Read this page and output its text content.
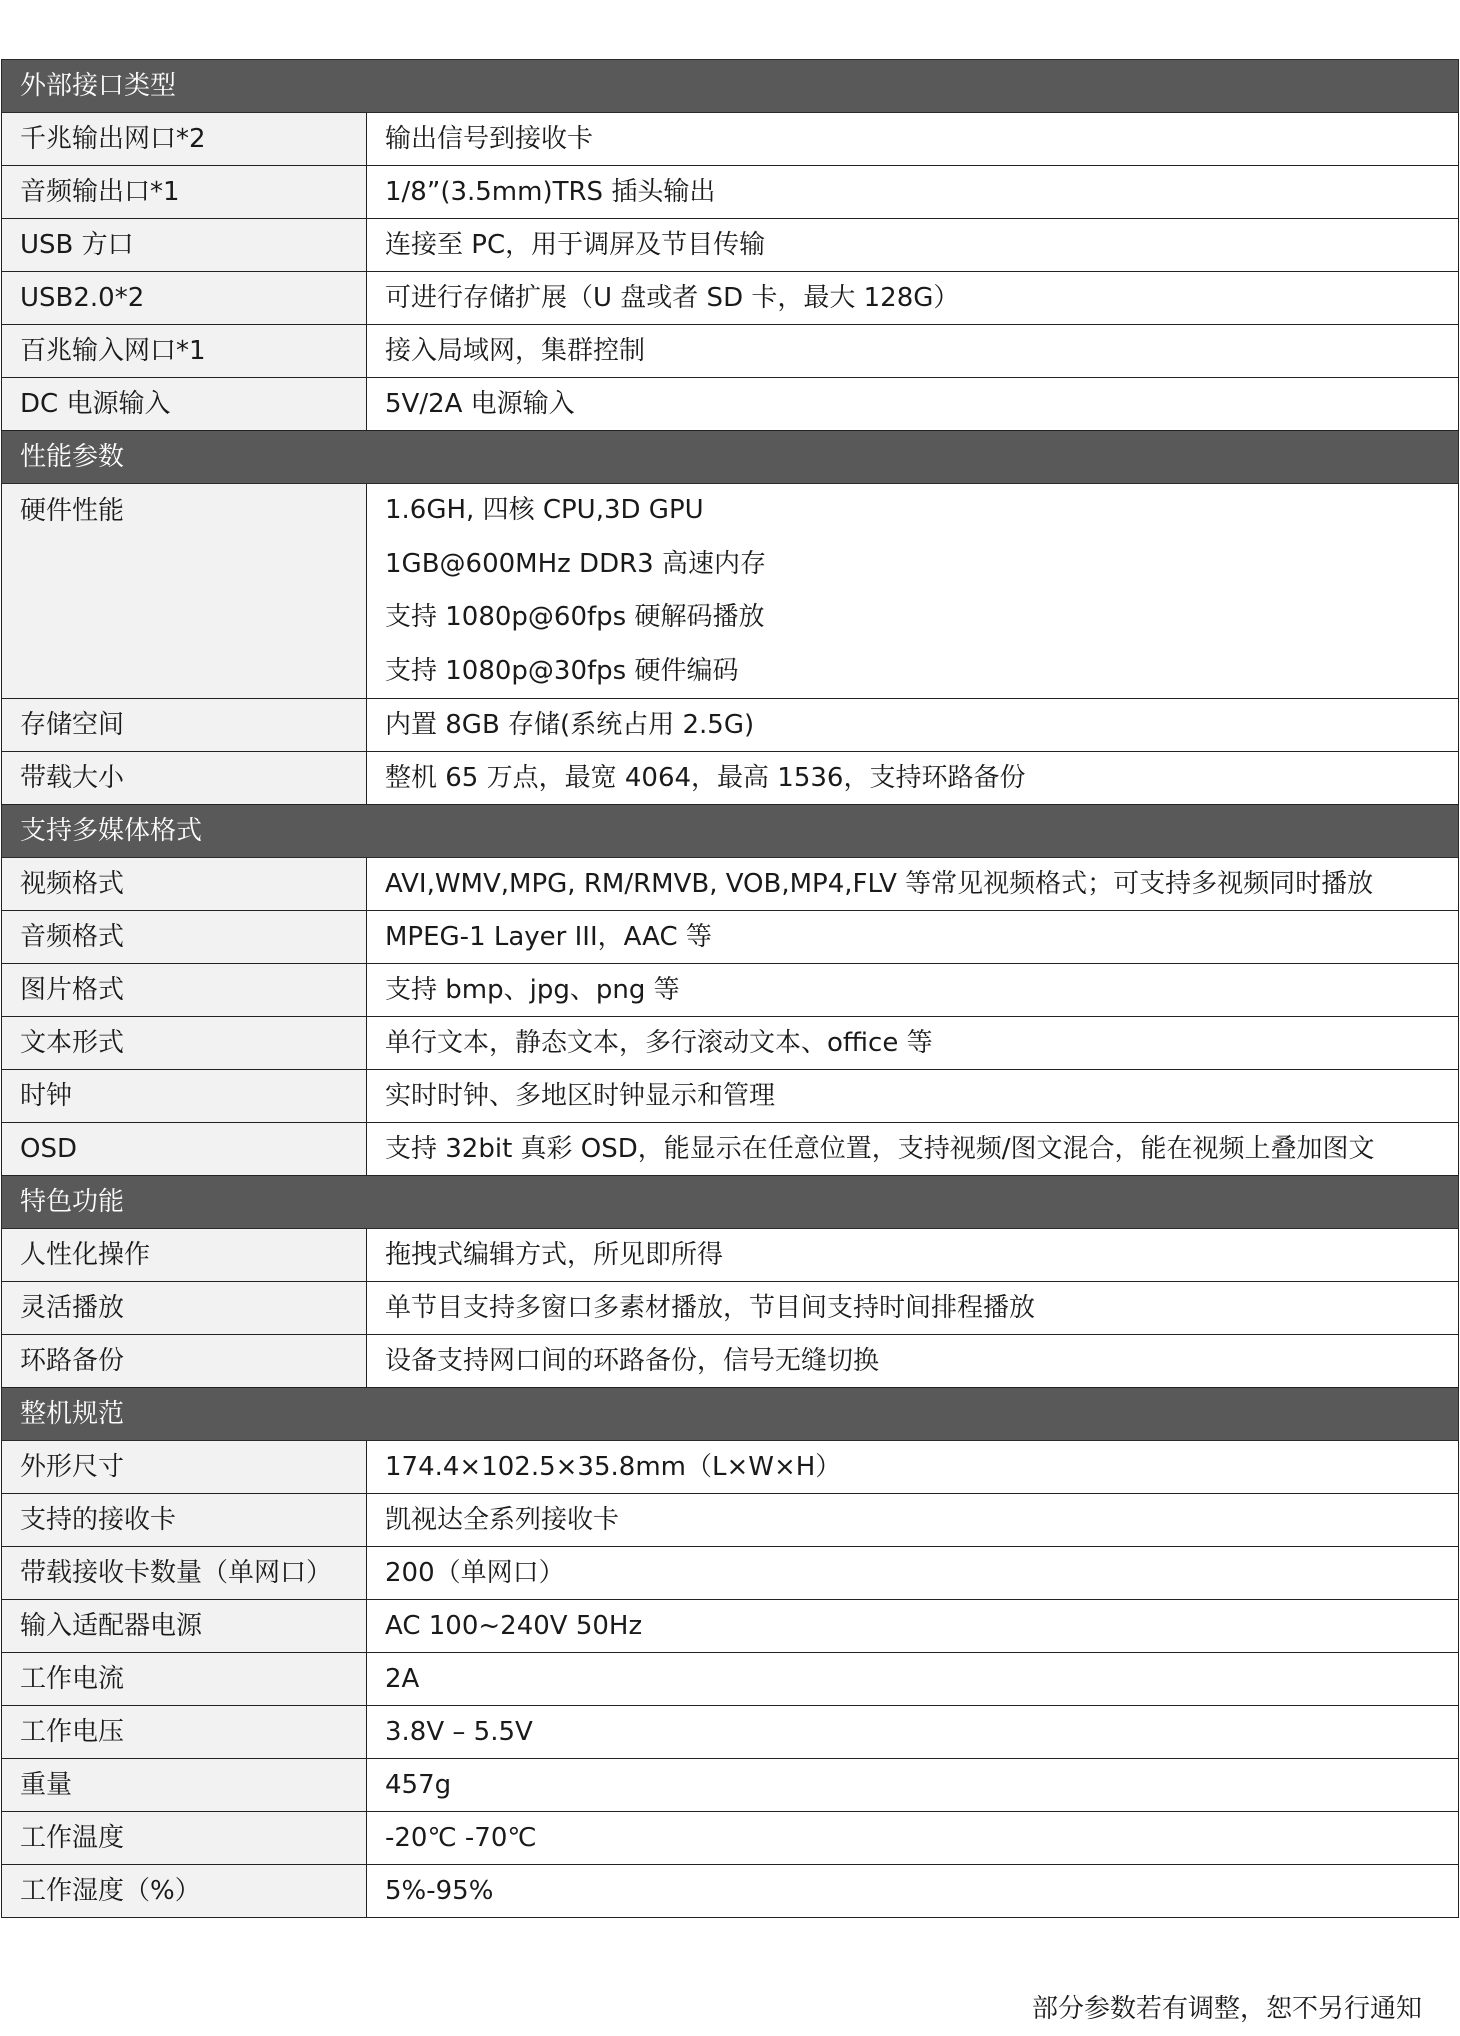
外部接口类型	
千兆输出网口*2	输出信号到接收卡
音频输出口*1	1/8”(3.5mm)TRS 插头输出
USB 方口	连接至 PC，用于调屏及节目传输
USB2.0*2	可进行存储扩展（U 盘或者 SD 卡，最大 128G）
百兆输入网口*1	接入局域网，集群控制
DC 电源输入	5V/2A 电源输入
性能参数	
硬件性能	1.6GH, 四核 CPU,3D GPU
1GB@600MHz DDR3 高速内存
支持 1080p@60fps 硬解码播放
支持 1080p@30fps 硬件编码

存储空间	内置 8GB 存储(系统占用 2.5G)
带载大小	整机 65 万点，最宽 4064，最高 1536，支持环路备份
支持多媒体格式	
视频格式	AVI,WMV,MPG, RM/RMVB, VOB,MP4,FLV 等常见视频格式；可支持多视频同时播放
音频格式	MPEG-1 Layer III，AAC 等
图片格式	支持 bmp、jpg、png 等
文本形式	单行文本，静态文本，多行滚动文本、office 等
时钟	实时时钟、多地区时钟显示和管理
OSD	支持 32bit 真彩 OSD，能显示在任意位置，支持视频/图文混合，能在视频上叠加图文
特色功能	
人性化操作	拖拽式编辑方式，所见即所得
灵活播放	单节目支持多窗口多素材播放，节目间支持时间排程播放
环路备份	设备支持网口间的环路备份，信号无缝切换
整机规范	
外形尺寸	174.4×102.5×35.8mm（L×W×H）
支持的接收卡	凯视达全系列接收卡
带载接收卡数量（单网口）	200（单网口）
输入适配器电源	AC 100~240V 50Hz
工作电流	2A
工作电压	3.8V – 5.5V
重量	457g
工作温度	-20℃ -70℃
工作湿度（%）	5%-95%
部分参数若有调整，恕不另行通知
